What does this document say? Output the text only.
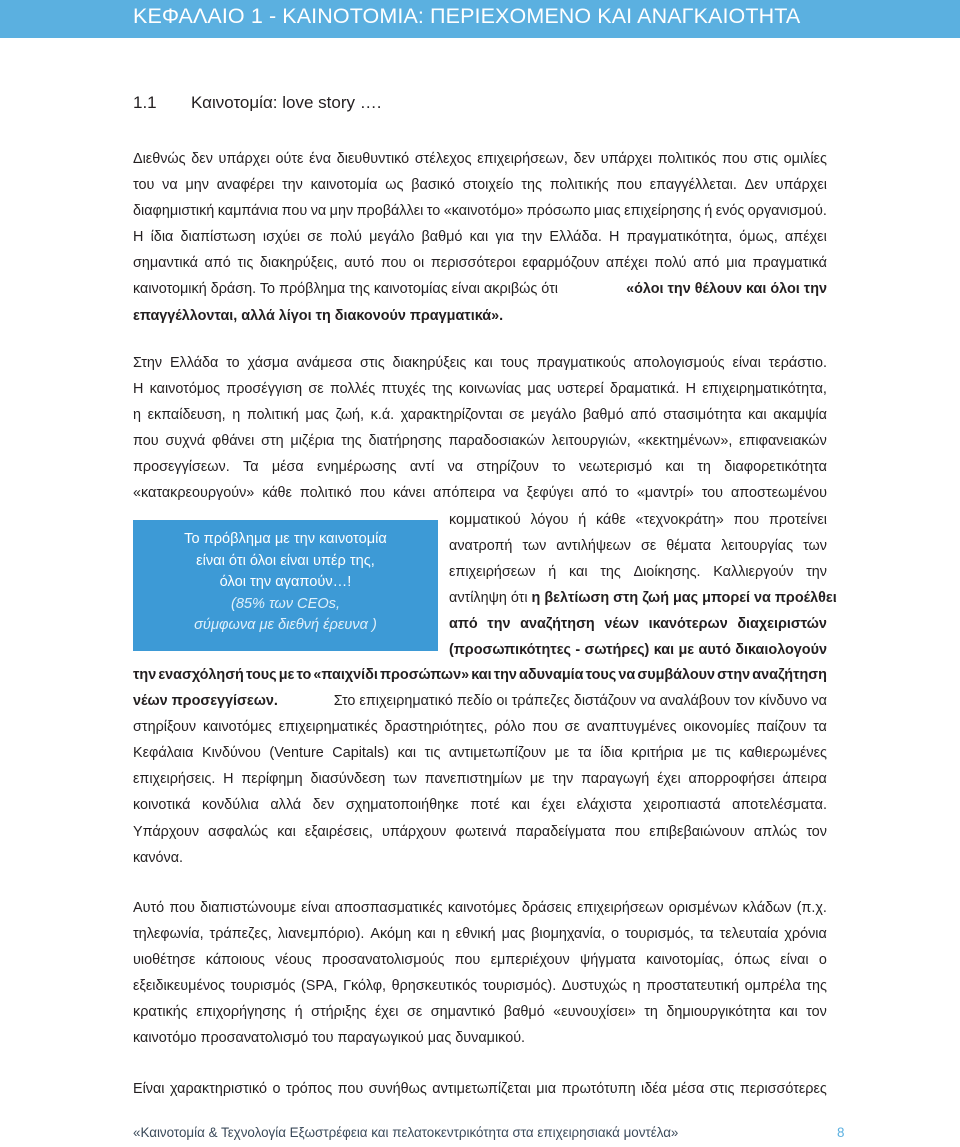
ΚΕΦΑΛΑΙΟ 1 - ΚΑΙΝΟΤΟΜΙΑ: ΠΕΡΙΕΧΟΜΕΝΟ ΚΑΙ ΑΝΑΓΚΑΙΟΤΗΤΑ
1.1 Καινοτομία: love story ….
Διεθνώς δεν υπάρχει ούτε ένα διευθυντικό στέλεχος επιχειρήσεων, δεν υπάρχει πολιτικός που στις ομιλίες
του να μην αναφέρει την καινοτομία ως βασικό στοιχείο της πολιτικής που επαγγέλλεται. Δεν υπάρχει
διαφημιστική καμπάνια που να μην προβάλλει το «καινοτόμο» πρόσωπο μιας επιχείρησης ή ενός οργανισμού.
Η ίδια διαπίστωση ισχύει σε πολύ μεγάλο βαθμό και για την Ελλάδα. Η πραγματικότητα, όμως, απέχει
σημαντικά από τις διακηρύξεις, αυτό που οι περισσότεροι εφαρμόζουν απέχει πολύ από μια πραγματικά
καινοτομική δράση. Το πρόβλημα της καινοτομίας είναι ακριβώς ότι	«όλοι την θέλουν και όλοι την
επαγγέλλονται, αλλά λίγοι τη διακονούν πραγματικά».
Στην Ελλάδα το χάσμα ανάμεσα στις διακηρύξεις και τους πραγματικούς απολογισμούς είναι τεράστιο.
Η καινοτόμος προσέγγιση σε πολλές πτυχές της κοινωνίας μας υστερεί δραματικά. Η επιχειρηματικότητα,
η εκπαίδευση, η πολιτική μας ζωή, κ.ά. χαρακτηρίζονται σε μεγάλο βαθμό από στασιμότητα και ακαμψία
που συχνά φθάνει στη μιζέρια της διατήρησης παραδοσιακών λειτουργιών, «κεκτημένων», επιφανειακών
προσεγγίσεων. Τα μέσα ενημέρωσης αντί να στηρίζουν το νεωτερισμό και τη διαφορετικότητα
«κατακρεουργούν» κάθε πολιτικό που κάνει απόπειρα να ξεφύγει από το «μαντρί» του αποστεωμένου
Το πρόβλημα με την καινοτομία
είναι ότι όλοι είναι υπέρ της,
όλοι την αγαπούν…!
(85% των CEOs,
σύμφωνα με διεθνή έρευνα )
κομματικού λόγου ή κάθε «τεχνοκράτη» που προτείνει
ανατροπή των αντιλήψεων σε θέματα λειτουργίας των
επιχειρήσεων ή και της Διοίκησης. Καλλιεργούν την
αντίληψη ότι
η βελτίωση στη ζωή μας μπορεί να προέλθει
από την αναζήτηση νέων ικανότερων διαχειριστών
(προσωπικότητες - σωτήρες) και με αυτό δικαιολογούν
την ενασχόλησή τους με το «παιχνίδι προσώπων» και την αδυναμία τους να συμβάλουν στην αναζήτηση
νέων προσεγγίσεων.
	Στο επιχειρηματικό πεδίο οι τράπεζες διστάζουν να αναλάβουν τον κίνδυνο να
στηρίξουν καινοτόμες επιχειρηματικές δραστηριότητες, ρόλο που σε αναπτυγμένες οικονομίες παίζουν τα
Κεφάλαια Κινδύνου (Venture Capitals) και τις αντιμετωπίζουν με τα ίδια κριτήρια με τις καθιερωμένες
επιχειρήσεις. Η περίφημη διασύνδεση των πανεπιστημίων με την παραγωγή έχει απορροφήσει άπειρα
κοινοτικά κονδύλια αλλά δεν σχηματοποιήθηκε ποτέ και έχει ελάχιστα χειροπιαστά αποτελέσματα.
Υπάρχουν ασφαλώς και εξαιρέσεις, υπάρχουν φωτεινά παραδείγματα που επιβεβαιώνουν απλώς τον
κανόνα.
Αυτό που διαπιστώνουμε είναι αποσπασματικές καινοτόμες δράσεις επιχειρήσεων ορισμένων κλάδων (π.χ.
τηλεφωνία, τράπεζες, λιανεμπόριο). Ακόμη και η εθνική μας βιομηχανία, ο τουρισμός, τα τελευταία χρόνια
υιοθέτησε κάποιους νέους προσανατολισμούς που εμπεριέχουν ψήγματα καινοτομίας, όπως είναι ο
εξειδικευμένος τουρισμός (SPA, Γκόλφ, θρησκευτικός τουρισμός). Δυστυχώς η προστατευτική ομπρέλα της
κρατικής επιχορήγησης ή στήριξης έχει σε σημαντικό βαθμό «ευνουχίσει» τη δημιουργικότητα και τον
καινοτόμο προσανατολισμό του παραγωγικού μας δυναμικού.
Είναι χαρακτηριστικό ο τρόπος που συνήθως αντιμετωπίζεται μια πρωτότυπη ιδέα μέσα στις περισσότερες
«Καινοτομία & Τεχνολογία Εξωστρέφεια και πελατοκεντρικότητα στα επιχειρησιακά μοντέλα»	8
